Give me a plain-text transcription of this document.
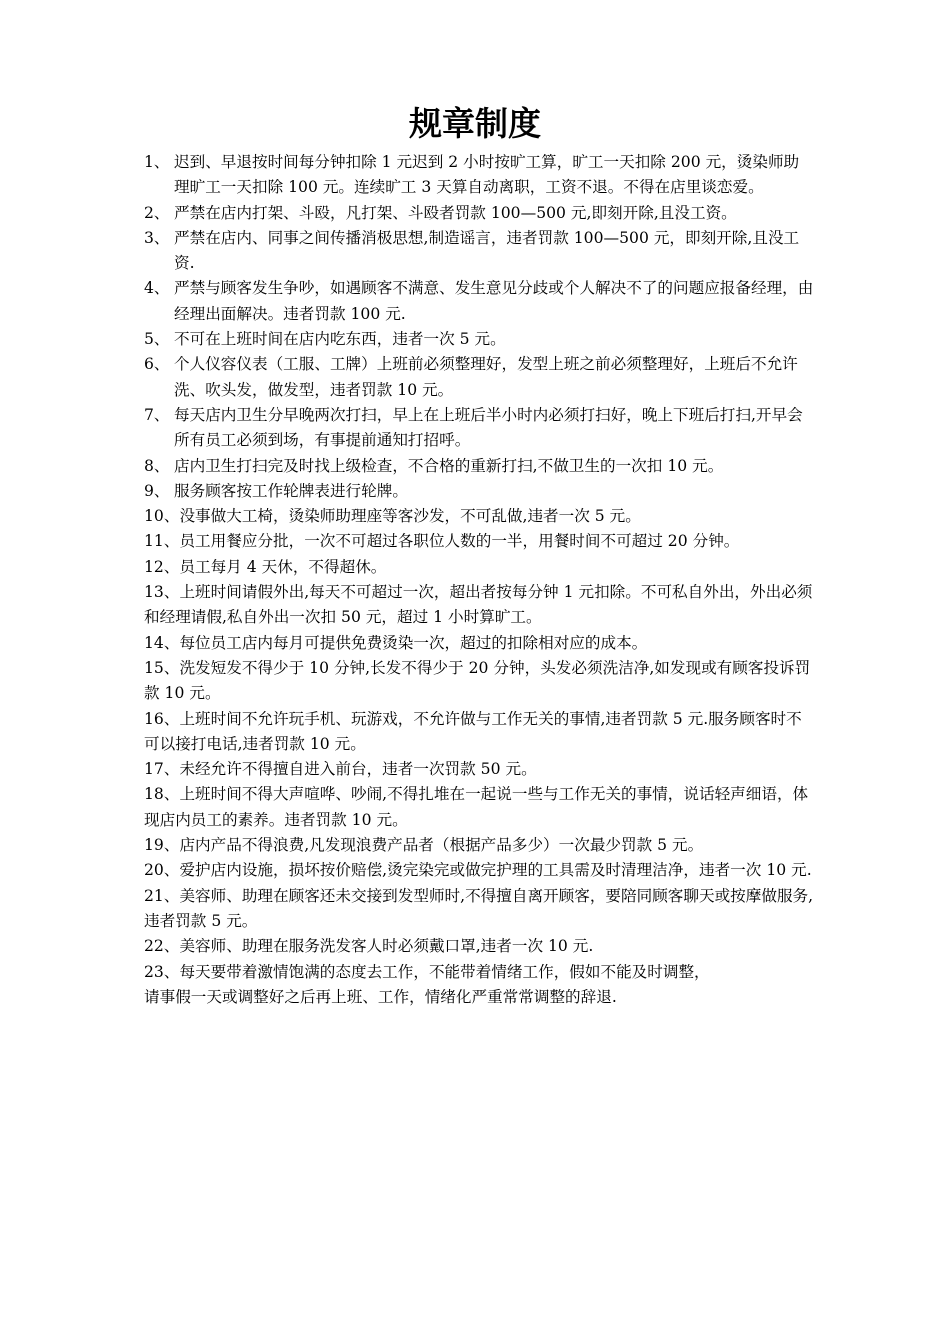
规章制度
1、 迟到、早退按时间每分钟扣除 1 元迟到 2 小时按旷工算，旷工一天扣除 200 元，烫染师助理旷工一天扣除 100 元。连续旷工 3 天算自动离职，工资不退。不得在店里谈恋爱。
2、 严禁在店内打架、斗殴，凡打架、斗殴者罚款 100—500 元,即刻开除,且没工资。
3、 严禁在店内、同事之间传播消极思想,制造谣言，违者罚款 100—500 元，即刻开除,且没工资.
4、 严禁与顾客发生争吵，如遇顾客不满意、发生意见分歧或个人解决不了的问题应报备经理，由经理出面解决。违者罚款 100 元.
5、 不可在上班时间在店内吃东西，违者一次 5 元。
6、 个人仪容仪表（工服、工牌）上班前必须整理好，发型上班之前必须整理好，上班后不允许洗、吹头发，做发型，违者罚款 10 元。
7、 每天店内卫生分早晚两次打扫，早上在上班后半小时内必须打扫好，晚上下班后打扫,开早会所有员工必须到场，有事提前通知打招呼。
8、 店内卫生打扫完及时找上级检查，不合格的重新打扫,不做卫生的一次扣 10 元。
9、 服务顾客按工作轮牌表进行轮牌。
10、没事做大工椅，烫染师助理座等客沙发，不可乱做,违者一次 5 元。
11、员工用餐应分批，一次不可超过各职位人数的一半，用餐时间不可超过 20 分钟。
12、员工每月 4 天休，不得超休。
13、上班时间请假外出,每天不可超过一次，超出者按每分钟 1 元扣除。不可私自外出，外出必须和经理请假,私自外出一次扣 50 元，超过 1 小时算旷工。
14、每位员工店内每月可提供免费烫染一次，超过的扣除相对应的成本。
15、洗发短发不得少于 10 分钟,长发不得少于 20 分钟，头发必须洗洁净,如发现或有顾客投诉罚款 10 元。
16、上班时间不允许玩手机、玩游戏，不允许做与工作无关的事情,违者罚款 5 元.服务顾客时不可以接打电话,违者罚款 10 元。
17、未经允许不得擅自进入前台，违者一次罚款 50 元。
18、上班时间不得大声喧哗、吵闹,不得扎堆在一起说一些与工作无关的事情，说话轻声细语，体现店内员工的素养。违者罚款 10 元。
19、店内产品不得浪费,凡发现浪费产品者（根据产品多少）一次最少罚款 5 元。
20、爱护店内设施，损坏按价赔偿,烫完染完或做完护理的工具需及时清理洁净，违者一次 10 元.
21、美容师、助理在顾客还未交接到发型师时,不得擅自离开顾客，要陪同顾客聊天或按摩做服务,违者罚款 5 元。
22、美容师、助理在服务洗发客人时必须戴口罩,违者一次 10 元.
23、每天要带着激情饱满的态度去工作，不能带着情绪工作，假如不能及时调整，
请事假一天或调整好之后再上班、工作，情绪化严重常常调整的辞退.
